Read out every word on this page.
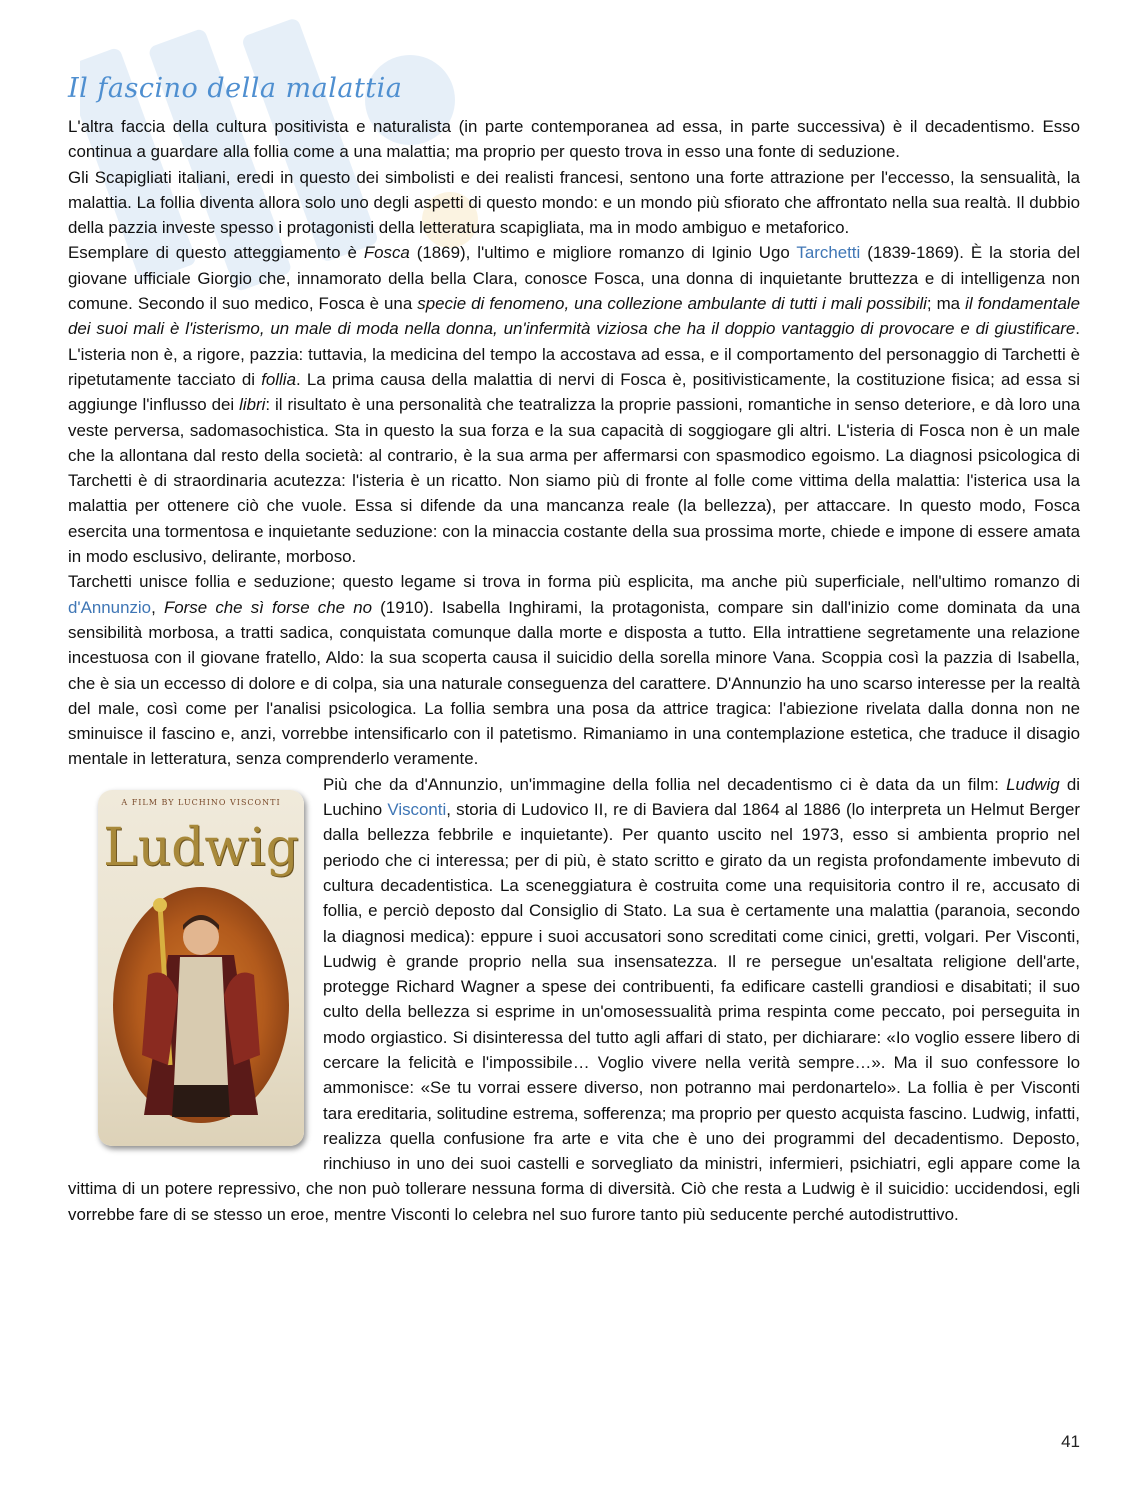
Il fascino della malattia

L'altra faccia della cultura positivista e naturalista (in parte contemporanea ad essa, in parte successiva) è il decadentismo. Esso continua a guardare alla follia come a una malattia; ma proprio per questo trova in esso una fonte di seduzione.

Gli Scapigliati italiani, eredi in questo dei simbolisti e dei realisti francesi, sentono una forte attrazione per l'eccesso, la sensualità, la malattia. La follia diventa allora solo uno degli aspetti di questo mondo: e un mondo più sfiorato che affrontato nella sua realtà. Il dubbio della pazzia investe spesso i protagonisti della letteratura scapigliata, ma in modo ambiguo e metaforico.

Esemplare di questo atteggiamento è Fosca (1869), l'ultimo e migliore romanzo di Iginio Ugo Tarchetti (1839-1869). È la storia del giovane ufficiale Giorgio che, innamorato della bella Clara, conosce Fosca, una donna di inquietante bruttezza e di intelligenza non comune. Secondo il suo medico, Fosca è una specie di fenomeno, una collezione ambulante di tutti i mali possibili; ma il fondamentale dei suoi mali è l'isterismo, un male di moda nella donna, un'infermità viziosa che ha il doppio vantaggio di provocare e di giustificare. L'isteria non è, a rigore, pazzia: tuttavia, la medicina del tempo la accostava ad essa, e il comportamento del personaggio di Tarchetti è ripetutamente tacciato di follia. La prima causa della malattia di nervi di Fosca è, positivisticamente, la costituzione fisica; ad essa si aggiunge l'influsso dei libri: il risultato è una personalità che teatralizza la proprie passioni, romantiche in senso deteriore, e dà loro una veste perversa, sadomasochistica. Sta in questo la sua forza e la sua capacità di soggiogare gli altri. L'isteria di Fosca non è un male che la allontana dal resto della società: al contrario, è la sua arma per affermarsi con spasmodico egoismo. La diagnosi psicologica di Tarchetti è di straordinaria acutezza: l'isteria è un ricatto. Non siamo più di fronte al folle come vittima della malattia: l'isterica usa la malattia per ottenere ciò che vuole. Essa si difende da una mancanza reale (la bellezza), per attaccare. In questo modo, Fosca esercita una tormentosa e inquietante seduzione: con la minaccia costante della sua prossima morte, chiede e impone di essere amata in modo esclusivo, delirante, morboso.

Tarchetti unisce follia e seduzione; questo legame si trova in forma più esplicita, ma anche più superficiale, nell'ultimo romanzo di d'Annunzio, Forse che sì forse che no (1910). Isabella Inghirami, la protagonista, compare sin dall'inizio come dominata da una sensibilità morbosa, a tratti sadica, conquistata comunque dalla morte e disposta a tutto. Ella intrattiene segretamente una relazione incestuosa con il giovane fratello, Aldo: la sua scoperta causa il suicidio della sorella minore Vana. Scoppia così la pazzia di Isabella, che è sia un eccesso di dolore e di colpa, sia una naturale conseguenza del carattere. D'Annunzio ha uno scarso interesse per la realtà del male, così come per l'analisi psicologica. La follia sembra una posa da attrice tragica: l'abiezione rivelata dalla donna non ne sminuisce il fascino e, anzi, vorrebbe intensificarlo con il patetismo. Rimaniamo in una contemplazione estetica, che traduce il disagio mentale in letteratura, senza comprenderlo veramente.

A FILM BY LUCHINO VISCONTI
Ludwig

Più che da d'Annunzio, un'immagine della follia nel decadentismo ci è data da un film: Ludwig di Luchino Visconti, storia di Ludovico II, re di Baviera dal 1864 al 1886 (lo interpreta un Helmut Berger dalla bellezza febbrile e inquietante). Per quanto uscito nel 1973, esso si ambienta proprio nel periodo che ci interessa; per di più, è stato scritto e girato da un regista profondamente imbevuto di cultura decadentistica. La sceneggiatura è costruita come una requisitoria contro il re, accusato di follia, e perciò deposto dal Consiglio di Stato. La sua è certamente una malattia (paranoia, secondo la diagnosi medica): eppure i suoi accusatori sono screditati come cinici, gretti, volgari. Per Visconti, Ludwig è grande proprio nella sua insensatezza. Il re persegue un'esaltata religione dell'arte, protegge Richard Wagner a spese dei contribuenti, fa edificare castelli grandiosi e disabitati; il suo culto della bellezza si esprime in un'omosessualità prima respinta come peccato, poi perseguita in modo orgiastico. Si disinteressa del tutto agli affari di stato, per dichiarare: «Io voglio essere libero di cercare la felicità e l'impossibile… Voglio vivere nella verità sempre…». Ma il suo confessore lo ammonisce: «Se tu vorrai essere diverso, non potranno mai perdonartelo». La follia è per Visconti tara ereditaria, solitudine estrema, sofferenza; ma proprio per questo acquista fascino. Ludwig, infatti, realizza quella confusione fra arte e vita che è uno dei programmi del decadentismo. Deposto, rinchiuso in uno dei suoi castelli e sorvegliato da ministri, infermieri, psichiatri, egli appare come la vittima di un potere repressivo, che non può tollerare nessuna forma di diversità. Ciò che resta a Ludwig è il suicidio: uccidendosi, egli vorrebbe fare di se stesso un eroe, mentre Visconti lo celebra nel suo furore tanto più seducente perché autodistruttivo.

41
